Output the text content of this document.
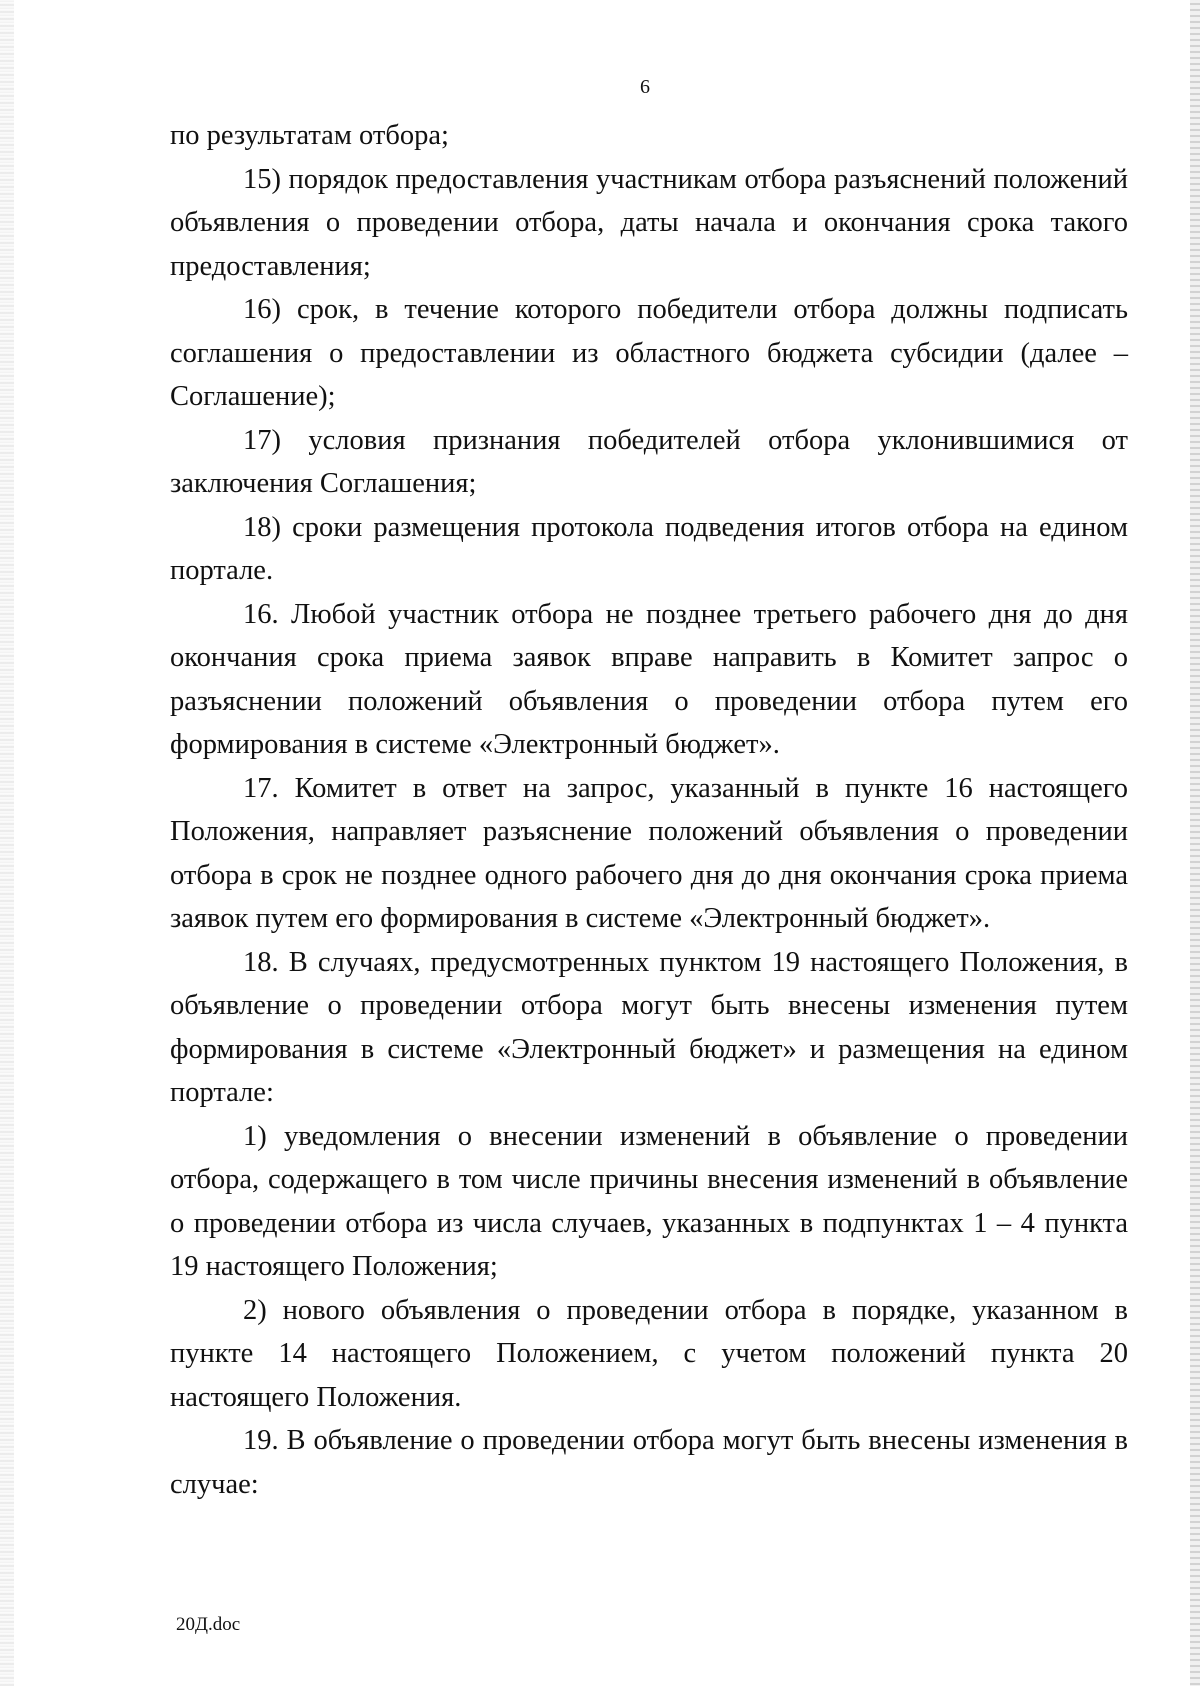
6

по результатам отбора;

15) порядок предоставления участникам отбора разъяснений положений объявления о проведении отбора, даты начала и окончания срока такого предоставления;

16) срок, в течение которого победители отбора должны подписать соглашения о предоставлении из областного бюджета субсидии (далее – Соглашение);

17) условия признания победителей отбора уклонившимися от заключения Соглашения;

18) сроки размещения протокола подведения итогов отбора на едином портале.

16. Любой участник отбора не позднее третьего рабочего дня до дня окончания срока приема заявок вправе направить в Комитет запрос о разъяснении положений объявления о проведении отбора путем его формирования в системе «Электронный бюджет».

17. Комитет в ответ на запрос, указанный в пункте 16 настоящего Положения, направляет разъяснение положений объявления о проведении отбора в срок не позднее одного рабочего дня до дня окончания срока приема заявок путем его формирования в системе «Электронный бюджет».

18. В случаях, предусмотренных пунктом 19 настоящего Положения, в объявление о проведении отбора могут быть внесены изменения путем формирования в системе «Электронный бюджет» и размещения на едином портале:

1) уведомления о внесении изменений в объявление о проведении отбора, содержащего в том числе причины внесения изменений в объявление о проведении отбора из числа случаев, указанных в подпунктах 1 – 4 пункта 19 настоящего Положения;

2) нового объявления о проведении отбора в порядке, указанном в пункте 14 настоящего Положением, с учетом положений пункта 20 настоящего Положения.

19. В объявление о проведении отбора могут быть внесены изменения в случае:

20Д.doc
